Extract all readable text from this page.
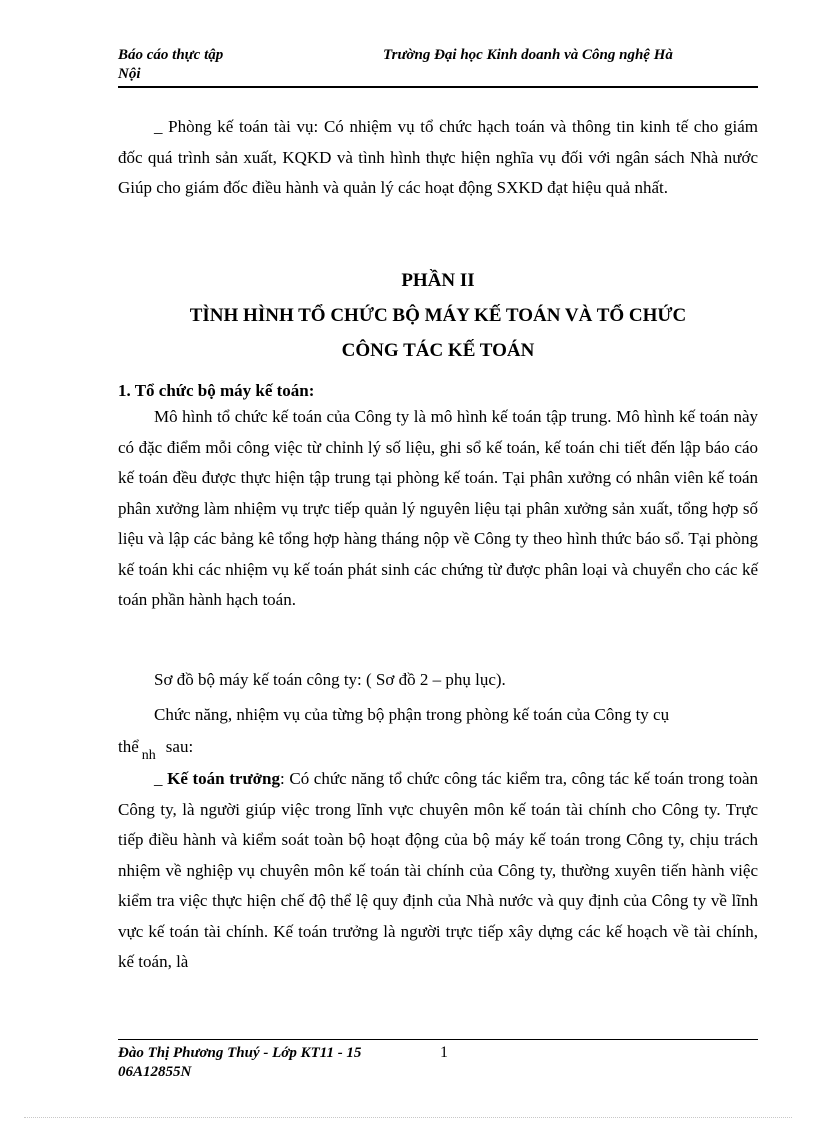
Báo cáo thực tập
Nội
Trường Đại học Kinh doanh và Công nghệ Hà

_ Phòng kế toán tài vụ: Có nhiệm vụ tổ chức hạch toán và thông tin kinh tế cho giám đốc quá trình sản xuất, KQKD và tình hình thực hiện nghĩa vụ đối với ngân sách Nhà nước Giúp cho giám đốc điều hành và quản lý các hoạt động SXKD đạt hiệu quả nhất.

PHẦN II
TÌNH HÌNH TỔ CHỨC BỘ MÁY KẾ TOÁN VÀ TỔ CHỨC
CÔNG TÁC KẾ TOÁN
1. Tổ chức bộ máy kế toán:

Mô hình tổ chức kế toán của Công ty là mô hình kế toán tập trung. Mô hình kế toán này có đặc điểm mỗi công việc từ chỉnh lý số liệu, ghi sổ kế toán, kế toán chi tiết đến lập báo cáo kế toán đều được thực hiện tập trung tại phòng kế toán. Tại phân xưởng có nhân viên kế toán phân xưởng làm nhiệm vụ trực tiếp quản lý nguyên liệu tại phân xưởng sản xuất, tổng hợp số liệu và lập các bảng kê tổng hợp hàng tháng nộp về Công ty theo hình thức báo sổ. Tại phòng kế toán khi các nhiệm vụ kế toán phát sinh các chứng từ được phân loại và chuyển cho các kế toán phần hành hạch toán.

Sơ đồ bộ máy kế toán công ty: ( Sơ đồ 2 – phụ lục).
Chức năng, nhiệm vụ của từng bộ phận trong phòng kế toán của Công ty cụ
thể $_{nh}$ sau:

_ Kế toán trưởng: Có chức năng tổ chức công tác kiểm tra, công tác kế toán trong toàn Công ty, là người giúp việc trong lĩnh vực chuyên môn kế toán tài chính cho Công ty. Trực tiếp điều hành và kiểm soát toàn bộ hoạt động của bộ máy kế toán trong Công ty, chịu trách nhiệm về nghiệp vụ chuyên môn kế toán tài chính của Công ty, thường xuyên tiến hành việc kiểm tra việc thực hiện chế độ thể lệ quy định của Nhà nước và quy định của Công ty về lĩnh vực kế toán tài chính. Kế toán trưởng là người trực tiếp xây dựng các kế hoạch về tài chính, kế toán, là

Đào Thị Phương Thuý - Lớp KT11 - 15
06A12855N
1
